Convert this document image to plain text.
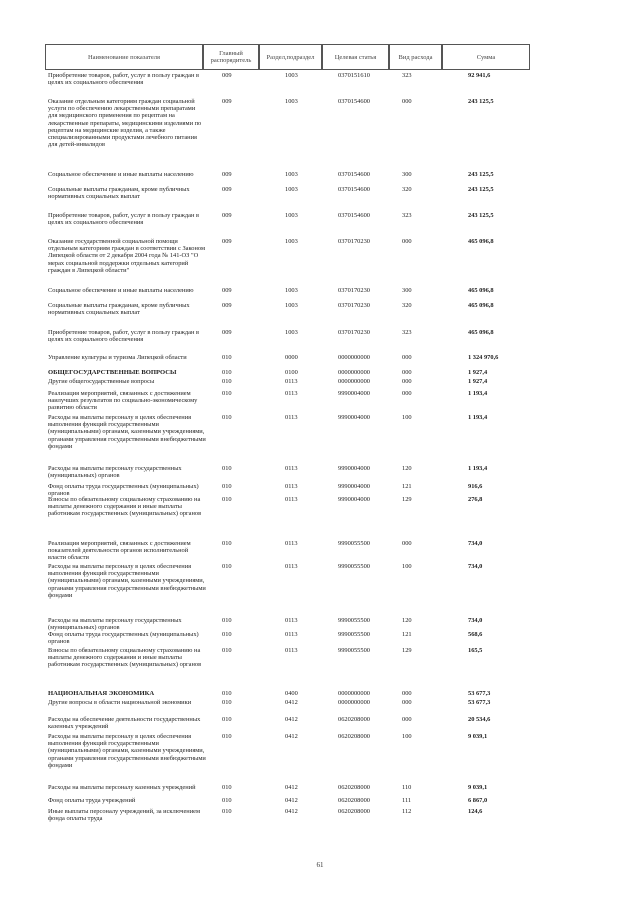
Наименование показателя	Главный распорядитель	Раздел,подраздел	Целевая статья	Вид расхода	Сумма
Приобретение товаров, работ, услуг в пользу граждан в целях их социального обеспечения
009	1003	0370151610	323	92 941,6
Оказание отдельным категориям граждан социальной услуги по обеспечению лекарственными препаратами для медицинского применения по рецептам на лекарственные препараты, медицинскими изделиями по рецептам на медицинские изделия, а также специализированными продуктами лечебного питания для детей-инвалидов
009	1003	0370154600	000	243 125,5
Социальное обеспечение и иные выплаты населению	009	1003	0370154600	300	243 125,5
Социальные выплаты гражданам, кроме публичных нормативных социальных выплат
009	1003	0370154600	320	243 125,5
Приобретение товаров, работ, услуг в пользу граждан в целях их социального обеспечения
009	1003	0370154600	323	243 125,5
Оказание государственной социальной помощи отдельным категориям граждан в соответствии с Законом Липецкой области от 2 декабря 2004 года № 141-ОЗ "О мерах социальной поддержки отдельных категорий граждан в Липецкой области"
009	1003	0370170230	000	465 096,8
Социальное обеспечение и иные выплаты населению	009	1003	0370170230	300	465 096,8
Социальные выплаты гражданам, кроме публичных нормативных социальных выплат
009	1003	0370170230	320	465 096,8
Приобретение товаров, работ, услуг в пользу граждан в целях их социального обеспечения
009	1003	0370170230	323	465 096,8
Управление культуры и туризма Липецкой области	010	0000	0000000000	000	1 324 970,6
ОБЩЕГОСУДАРСТВЕННЫЕ ВОПРОСЫ	010	0100	0000000000	000	1 927,4
Другие общегосударственные вопросы	010	0113	0000000000	000	1 927,4
Реализация мероприятий, связанных с достижением наилучших результатов по социально-экономическому развитию области
010	0113	9990004000	000	1 193,4
Расходы на выплаты персоналу в целях обеспечения выполнения функций государственными (муниципальными) органами, казенными учреждениями, органами управления государственными внебюджетными фондами
010	0113	9990004000	100	1 193,4
Расходы на выплаты персоналу государственных (муниципальных) органов
010	0113	9990004000	120	1 193,4
Фонд оплаты труда государственных (муниципальных) органов
010	0113	9990004000	121	916,6
Взносы по обязательному социальному страхованию на выплаты денежного содержания и иные выплаты работникам государственных (муниципальных) органов
010	0113	9990004000	129	276,8
Реализация мероприятий, связанных с достижением показателей деятельности органов исполнительной власти области
010	0113	9990055500	000	734,0
Расходы на выплаты персоналу в целях обеспечения выполнения функций государственными (муниципальными) органами, казенными учреждениями, органами управления государственными внебюджетными фондами
010	0113	9990055500	100	734,0
Расходы на выплаты персоналу государственных (муниципальных) органов
010	0113	9990055500	120	734,0
Фонд оплаты труда государственных (муниципальных) органов
010	0113	9990055500	121	568,6
Взносы по обязательному социальному страхованию на выплаты денежного содержания и иные выплаты работникам государственных (муниципальных) органов
010	0113	9990055500	129	165,5
НАЦИОНАЛЬНАЯ ЭКОНОМИКА	010	0400	0000000000	000	53 677,3
Другие вопросы в области национальной экономики	010	0412	0000000000	000	53 677,3
Расходы на обеспечение деятельности государственных казенных учреждений
010	0412	0620208000	000	20 534,6
Расходы на выплаты персоналу в целях обеспечения выполнения функций государственными (муниципальными) органами, казенными учреждениями, органами управления государственными внебюджетными фондами
010	0412	0620208000	100	9 039,1
Расходы на выплаты персоналу казенных учреждений	010	0412	0620208000	110	9 039,1
Фонд оплаты труда учреждений	010	0412	0620208000	111	6 867,0
Иные выплаты персоналу учреждений, за исключением фонда оплаты труда
010	0412	0620208000	112	124,6
61
